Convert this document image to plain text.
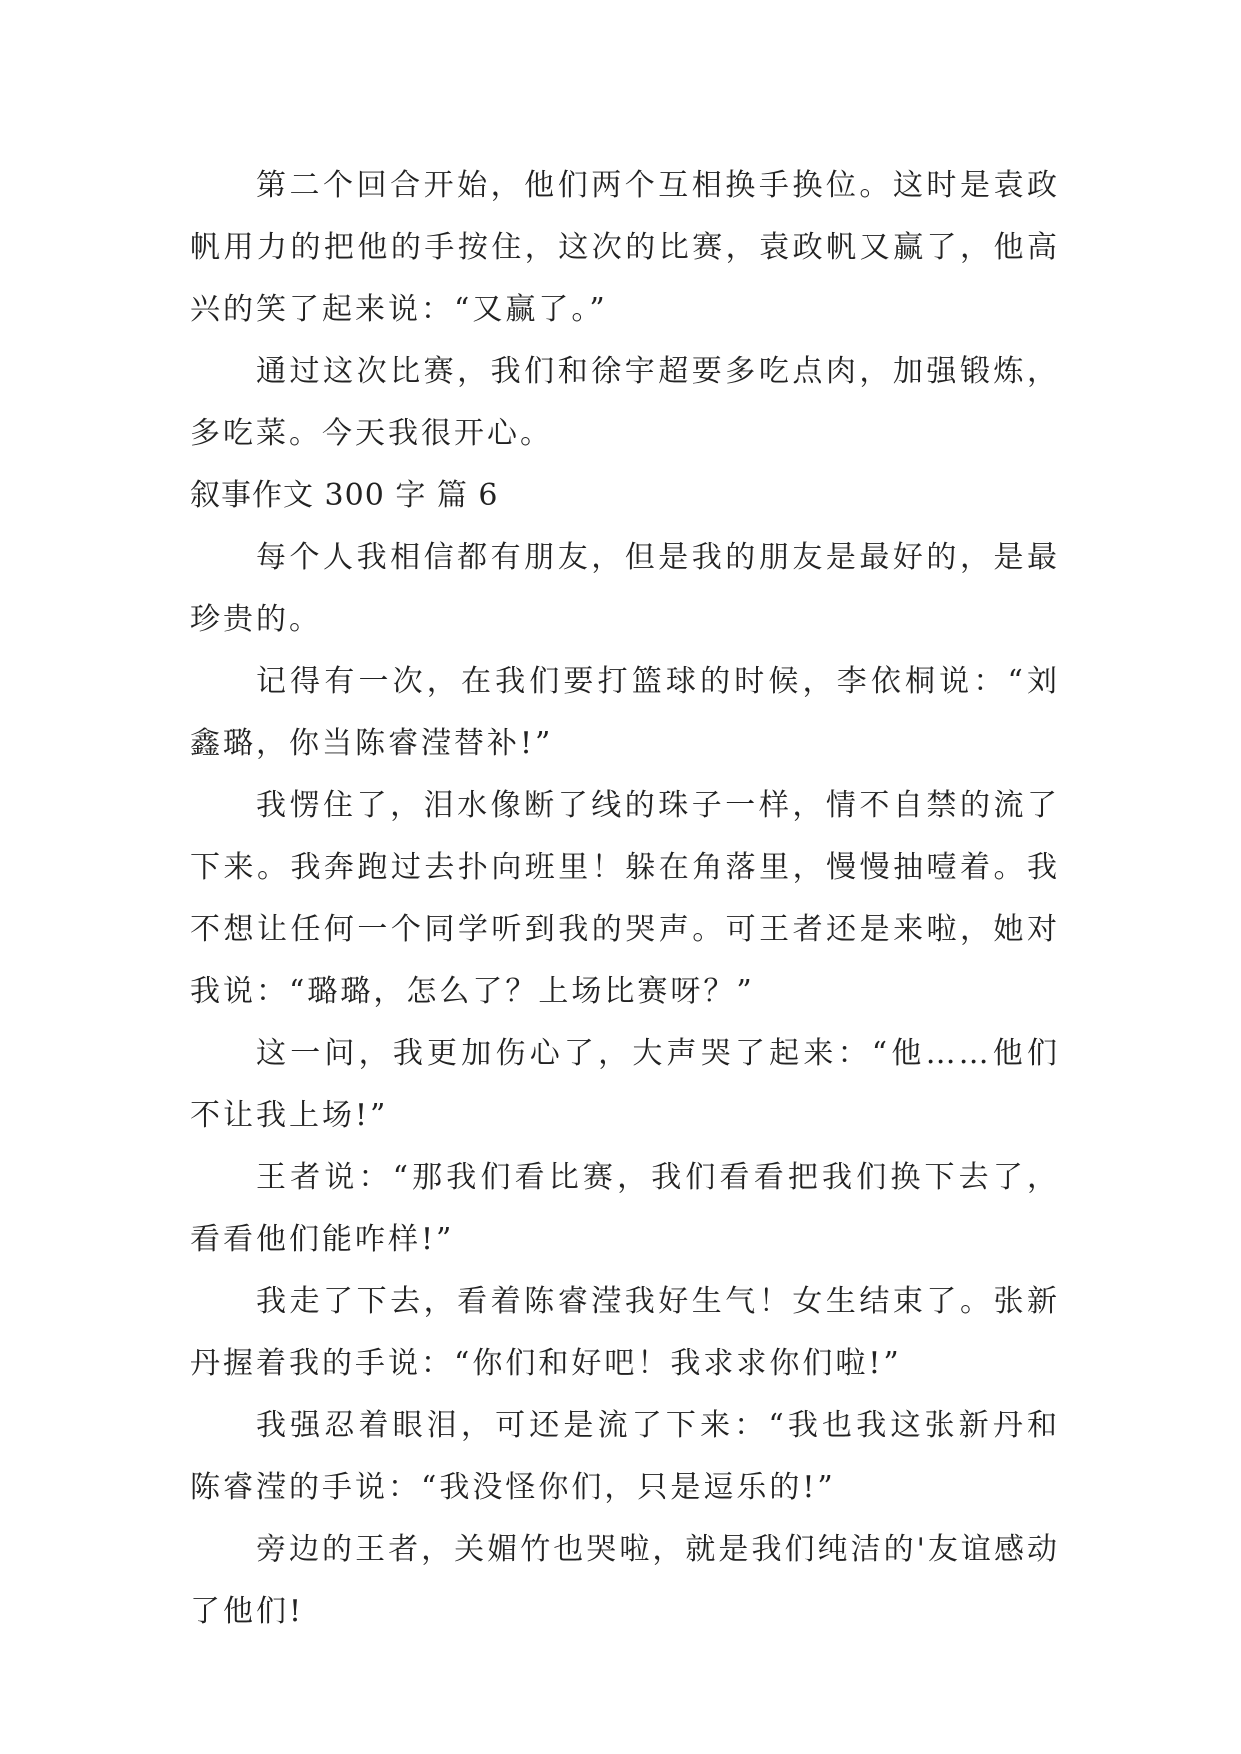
第二个回合开始，他们两个互相换手换位。这时是袁政帆用力的把他的手按住，这次的比赛，袁政帆又赢了，他高兴的笑了起来说：“又赢了。”

通过这次比赛，我们和徐宇超要多吃点肉，加强锻炼，多吃菜。今天我很开心。

叙事作文 300 字 篇 6

每个人我相信都有朋友，但是我的朋友是最好的，是最珍贵的。

记得有一次，在我们要打篮球的时候，李依桐说：“刘鑫璐，你当陈睿滢替补!”

我愣住了，泪水像断了线的珠子一样，情不自禁的流了下来。我奔跑过去扑向班里！躲在角落里，慢慢抽噎着。我不想让任何一个同学听到我的哭声。可王者还是来啦，她对我说：“璐璐，怎么了？上场比赛呀？”

这一问，我更加伤心了，大声哭了起来：“他……他们不让我上场!”

王者说：“那我们看比赛，我们看看把我们换下去了，看看他们能咋样!”

我走了下去，看着陈睿滢我好生气！女生结束了。张新丹握着我的手说：“你们和好吧！我求求你们啦!”

我强忍着眼泪，可还是流了下来：“我也我这张新丹和陈睿滢的手说：“我没怪你们，只是逗乐的!”

旁边的王者，关媚竹也哭啦，就是我们纯洁的'友谊感动了他们!
